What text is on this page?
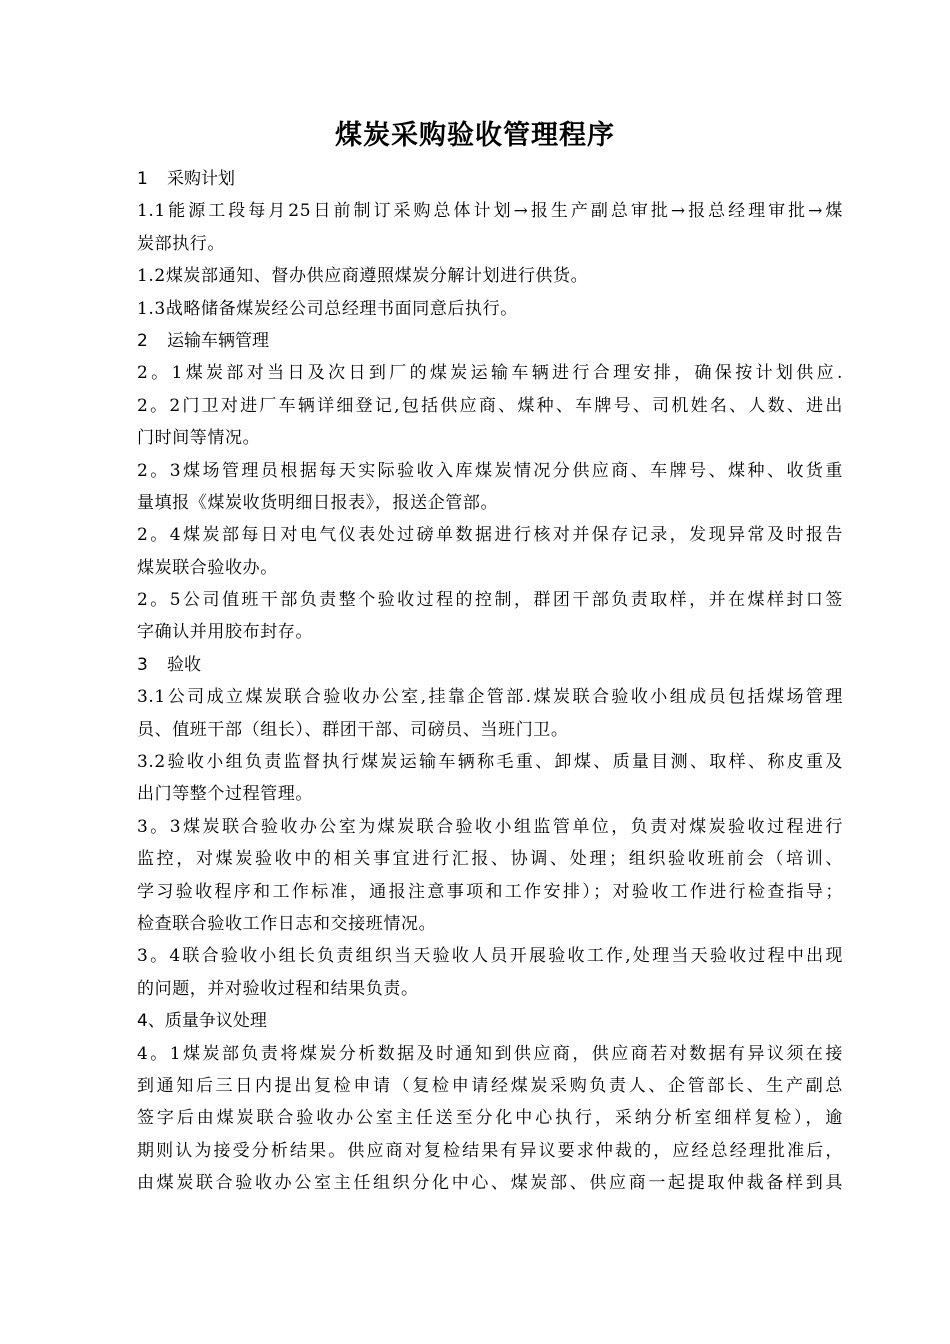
煤炭采购验收管理程序
1 采购计划
1.1能源工段每月25日前制订采购总体计划→报生产副总审批→报总经理审批→煤
炭部执行。
1.2煤炭部通知、督办供应商遵照煤炭分解计划进行供货。
1.3战略储备煤炭经公司总经理书面同意后执行。
2 运输车辆管理
2。1煤炭部对当日及次日到厂的煤炭运输车辆进行合理安排，确保按计划供应.
2。2门卫对进厂车辆详细登记,包括供应商、煤种、车牌号、司机姓名、人数、进出
门时间等情况。
2。3煤场管理员根据每天实际验收入库煤炭情况分供应商、车牌号、煤种、收货重
量填报《煤炭收货明细日报表》，报送企管部。
2。4煤炭部每日对电气仪表处过磅单数据进行核对并保存记录，发现异常及时报告
煤炭联合验收办。
2。5公司值班干部负责整个验收过程的控制，群团干部负责取样，并在煤样封口签
字确认并用胶布封存。
3 验收
3.1公司成立煤炭联合验收办公室,挂靠企管部.煤炭联合验收小组成员包括煤场管理
员、值班干部（组长）、群团干部、司磅员、当班门卫。
3.2验收小组负责监督执行煤炭运输车辆称毛重、卸煤、质量目测、取样、称皮重及
出门等整个过程管理。
3。3煤炭联合验收办公室为煤炭联合验收小组监管单位，负责对煤炭验收过程进行
监控，对煤炭验收中的相关事宜进行汇报、协调、处理；组织验收班前会（培训、
学习验收程序和工作标准，通报注意事项和工作安排）；对验收工作进行检查指导；
检查联合验收工作日志和交接班情况。
3。4联合验收小组长负责组织当天验收人员开展验收工作,处理当天验收过程中出现
的问题，并对验收过程和结果负责。
4、质量争议处理
4。1煤炭部负责将煤炭分析数据及时通知到供应商，供应商若对数据有异议须在接
到通知后三日内提出复检申请（复检申请经煤炭采购负责人、企管部长、生产副总
签字后由煤炭联合验收办公室主任送至分化中心执行，采纳分析室细样复检），逾
期则认为接受分析结果。供应商对复检结果有异议要求仲裁的，应经总经理批准后，
由煤炭联合验收办公室主任组织分化中心、煤炭部、供应商一起提取仲裁备样到具
